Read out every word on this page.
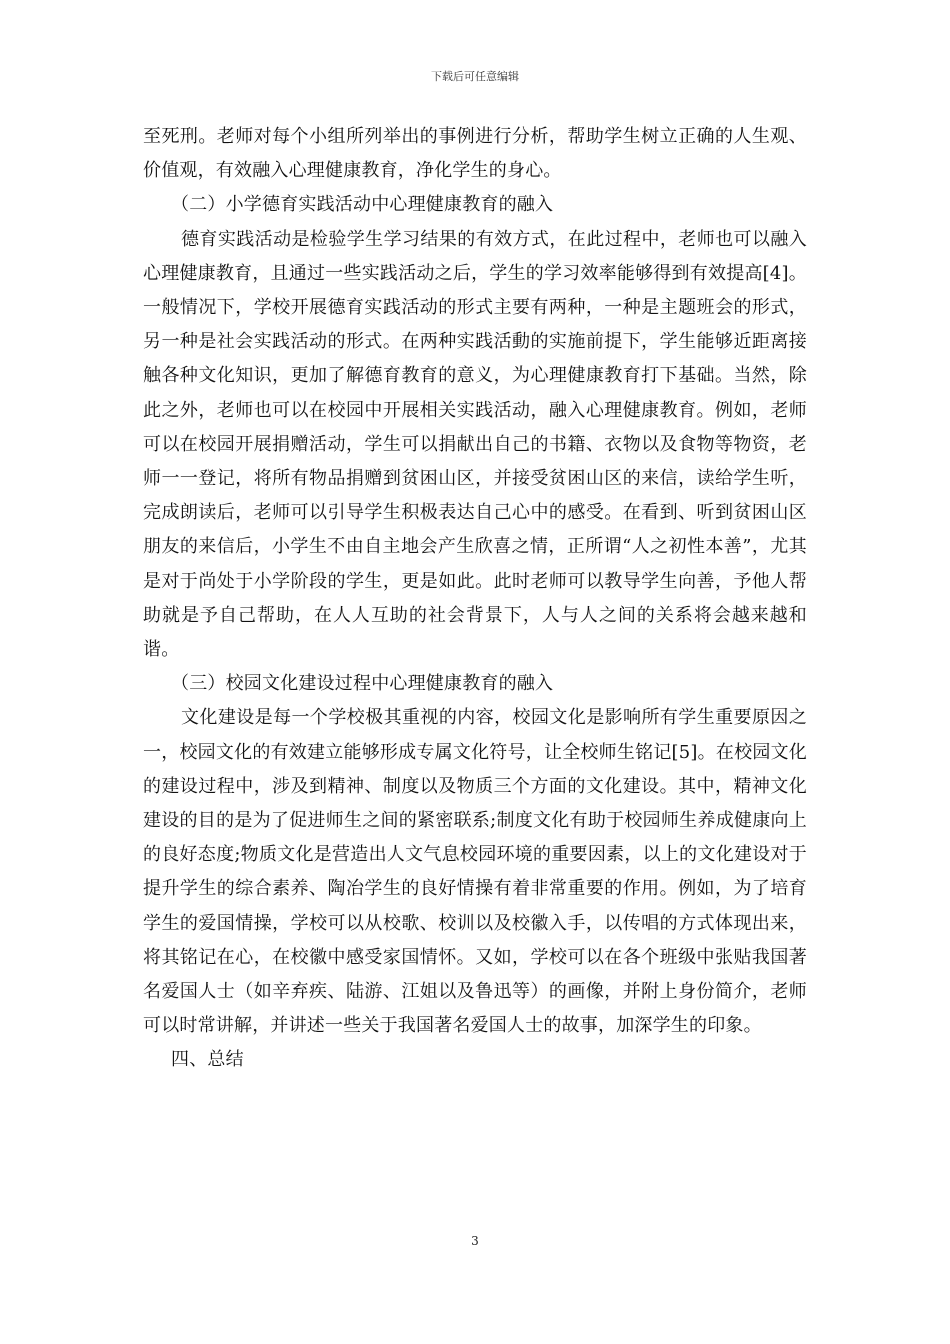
下载后可任意编辑

至死刑。老师对每个小组所列举出的事例进行分析，帮助学生树立正确的人生观、价值观，有效融入心理健康教育，净化学生的身心。

（二）小学德育实践活动中心理健康教育的融入

德育实践活动是检验学生学习结果的有效方式，在此过程中，老师也可以融入心理健康教育，且通过一些实践活动之后，学生的学习效率能够得到有效提高[4]。一般情况下，学校开展德育实践活动的形式主要有两种，一种是主题班会的形式，另一种是社会实践活动的形式。在两种实践活動的实施前提下，学生能够近距离接触各种文化知识，更加了解德育教育的意义，为心理健康教育打下基础。当然，除此之外，老师也可以在校园中开展相关实践活动，融入心理健康教育。例如，老师可以在校园开展捐赠活动，学生可以捐献出自己的书籍、衣物以及食物等物资，老师一一登记，将所有物品捐赠到贫困山区，并接受贫困山区的来信，读给学生听，完成朗读后，老师可以引导学生积极表达自己心中的感受。在看到、听到贫困山区朋友的来信后，小学生不由自主地会产生欣喜之情，正所谓“人之初性本善”，尤其是对于尚处于小学阶段的学生，更是如此。此时老师可以教导学生向善，予他人帮助就是予自己帮助，在人人互助的社会背景下，人与人之间的关系将会越来越和谐。

（三）校园文化建设过程中心理健康教育的融入

文化建设是每一个学校极其重视的内容，校园文化是影响所有学生重要原因之一，校园文化的有效建立能够形成专属文化符号，让全校师生铭记[5]。在校园文化的建设过程中，涉及到精神、制度以及物质三个方面的文化建设。其中，精神文化建设的目的是为了促进师生之间的紧密联系;制度文化有助于校园师生养成健康向上的良好态度;物质文化是营造出人文气息校园环境的重要因素，以上的文化建设对于提升学生的综合素养、陶冶学生的良好情操有着非常重要的作用。例如，为了培育学生的爱国情操，学校可以从校歌、校训以及校徽入手，以传唱的方式体现出来，将其铭记在心，在校徽中感受家国情怀。又如，学校可以在各个班级中张贴我国著名爱国人士（如辛弃疾、陆游、江姐以及鲁迅等）的画像，并附上身份简介，老师可以时常讲解，并讲述一些关于我国著名爱国人士的故事，加深学生的印象。

四、总结

3
